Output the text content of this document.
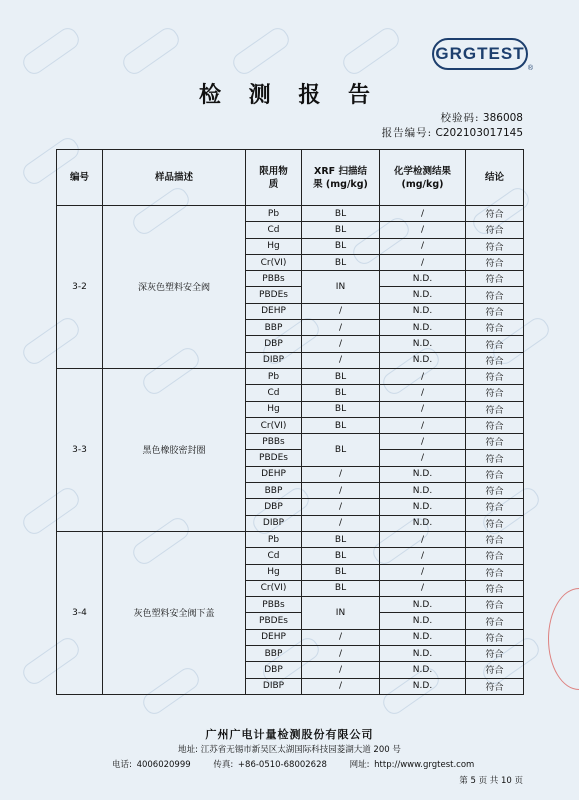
GRGTEST
®
检 测 报 告
校验码: 386008
报告编号: C202103017145
编号	样品描述	限用物质	XRF 扫描结果 (mg/kg)	化学检测结果(mg/kg)	结论
3-2	深灰色塑料安全阀	Pb	BL	/	符合
		Cd	BL	/	符合
		Hg	BL	/	符合
		Cr(VI)	BL	/	符合
		PBBs	IN	N.D.	符合
		PBDEs		N.D.	符合
		DEHP	/	N.D.	符合
		BBP	/	N.D.	符合
		DBP	/	N.D.	符合
		DIBP	/	N.D.	符合
3-3	黑色橡胶密封圈	Pb	BL	/	符合
		Cd	BL	/	符合
		Hg	BL	/	符合
		Cr(VI)	BL	/	符合
		PBBs	BL	/	符合
		PBDEs		/	符合
		DEHP	/	N.D.	符合
		BBP	/	N.D.	符合
		DBP	/	N.D.	符合
		DIBP	/	N.D.	符合
3-4	灰色塑料安全阀下盖	Pb	BL	/	符合
		Cd	BL	/	符合
		Hg	BL	/	符合
		Cr(VI)	BL	/	符合
		PBBs	IN	N.D.	符合
		PBDEs		N.D.	符合
		DEHP	/	N.D.	符合
		BBP	/	N.D.	符合
		DBP	/	N.D.	符合
		DIBP	/	N.D.	符合
广州广电计量检测股份有限公司
地址: 江苏省无锡市新吴区太湖国际科技园菱湖大道 200 号
电话: 4006020999	传真: +86-0510-68002628	网址: http://www.grgtest.com
第 5 页 共 10 页
